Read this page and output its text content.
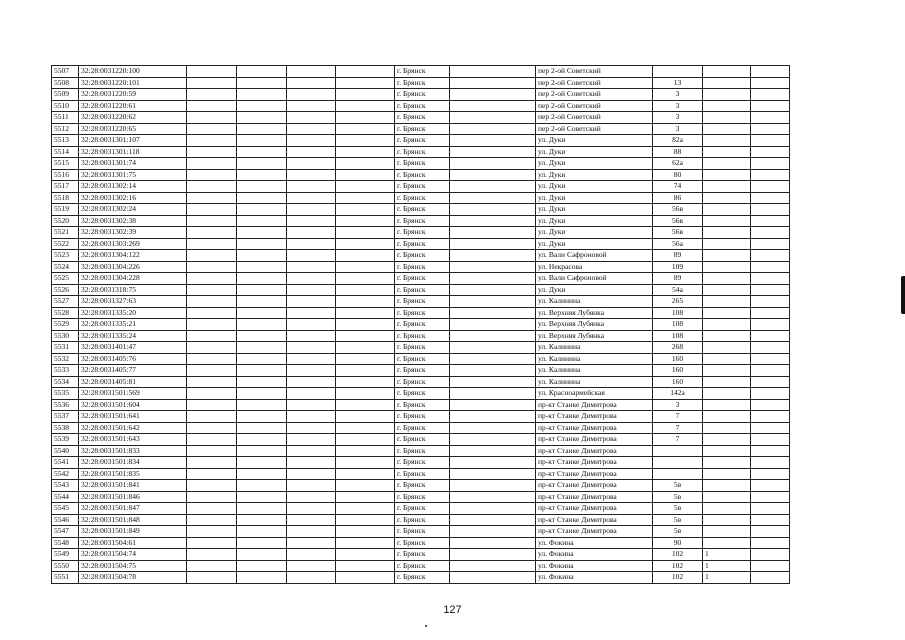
5507	32:28:0031220:100					г. Брянск		пер 2-ой Советский			
5508	32:28:0031220:101					г. Брянск		пер 2-ой Советский	13		
5509	32:28:0031220:59					г. Брянск		пер 2-ой Советский	3		
5510	32:28:0031220:61					г. Брянск		пер 2-ой Советский	3		
5511	32:28:0031220:62					г. Брянск		пер 2-ой Советский	3		
5512	32:28:0031220:65					г. Брянск		пер 2-ой Советский	3		
5513	32:28:0031301:107					г. Брянск		ул. Дуки	82а		
5514	32:28:0031301:118					г. Брянск		ул. Дуки	88		
5515	32:28:0031301:74					г. Брянск		ул. Дуки	62а		
5516	32:28:0031301:75					г. Брянск		ул. Дуки	80		
5517	32:28:0031302:14					г. Брянск		ул. Дуки	74		
5518	32:28:0031302:16					г. Брянск		ул. Дуки	86		
5519	32:28:0031302:24					г. Брянск		ул. Дуки	56в		
5520	32:28:0031302:38					г. Брянск		ул. Дуки	56в		
5521	32:28:0031302:39					г. Брянск		ул. Дуки	56в		
5522	32:28:0031303:269					г. Брянск		ул. Дуки	56а		
5523	32:28:0031304:122					г. Брянск		ул. Вали Сафроновой	89		
5524	32:28:0031304:226					г. Брянск		ул. Некрасова	109		
5525	32:28:0031304:228					г. Брянск		ул. Вали Сафроновой	89		
5526	32:28:0031318:75					г. Брянск		ул. Дуки	54а		
5527	32:28:0031327:63					г. Брянск		ул. Калинина	265		
5528	32:28:0031335:20					г. Брянск		ул. Верхняя Лубянка	108		
5529	32:28:0031335:21					г. Брянск		ул. Верхняя Лубянка	108		
5530	32:28:0031335:24					г. Брянск		ул. Верхняя Лубянка	108		
5531	32:28:0031401:47					г. Брянск		ул. Калинина	268		
5532	32:28:0031405:76					г. Брянск		ул. Калинина	160		
5533	32:28:0031405:77					г. Брянск		ул. Калинина	160		
5534	32:28:0031405:81					г. Брянск		ул. Калинина	160		
5535	32:28:0031501:569					г. Брянск		ул. Красноармейская	142а		
5536	32:28:0031501:604					г. Брянск		пр-кт Станке Димитрова	3		
5537	32:28:0031501:641					г. Брянск		пр-кт Станке Димитрова	7		
5538	32:28:0031501:642					г. Брянск		пр-кт Станке Димитрова	7		
5539	32:28:0031501:643					г. Брянск		пр-кт Станке Димитрова	7		
5540	32:28:0031501:833					г. Брянск		пр-кт Станке Димитрова			
5541	32:28:0031501:834					г. Брянск		пр-кт Станке Димитрова			
5542	32:28:0031501:835					г. Брянск		пр-кт Станке Димитрова			
5543	32:28:0031501:841					г. Брянск		пр-кт Станке Димитрова	5в		
5544	32:28:0031501:846					г. Брянск		пр-кт Станке Димитрова	5в		
5545	32:28:0031501:847					г. Брянск		пр-кт Станке Димитрова	5в		
5546	32:28:0031501:848					г. Брянск		пр-кт Станке Димитрова	5в		
5547	32:28:0031501:849					г. Брянск		пр-кт Станке Димитрова	5в		
5548	32:28:0031504:61					г. Брянск		ул. Фокина	90		
5549	32:28:0031504:74					г. Брянск		ул. Фокина	102	1	
5550	32:28:0031504:75					г. Брянск		ул. Фокина	102	1	
5551	32:28:0031504:78					г. Брянск		ул. Фокина	102	1	
127
